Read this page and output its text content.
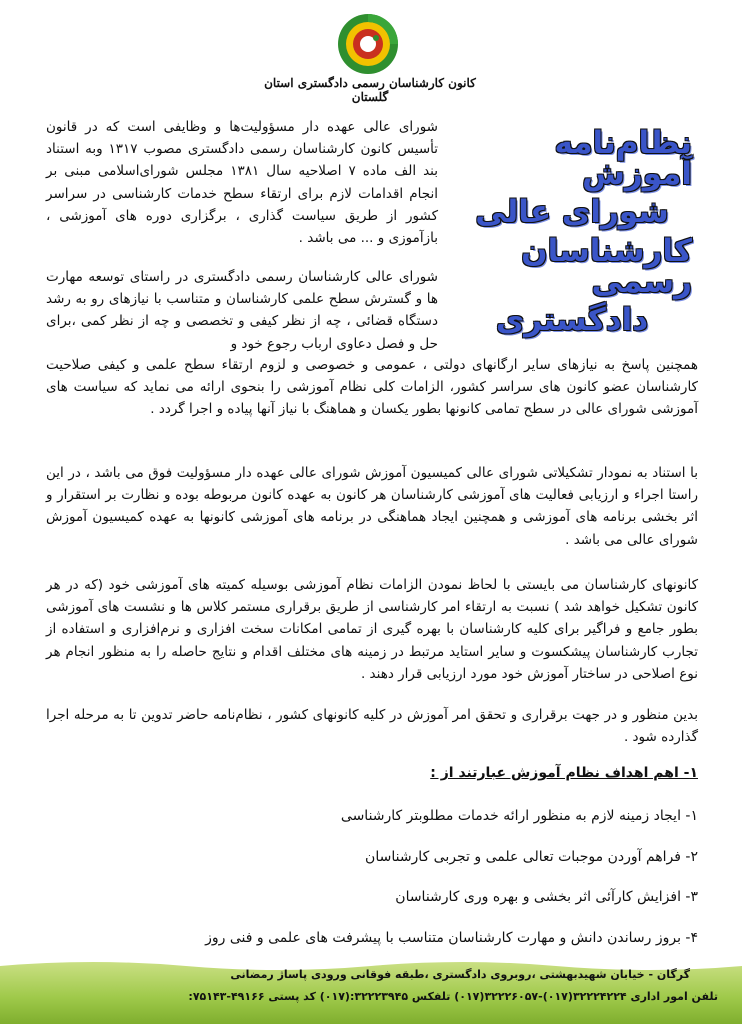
کانون کارشناسان رسمی دادگستری استان گلستان
نظام‌نامه آموزش
شورای عالی
کارشناسان رسمی
دادگستری

شورای عالی عهده دار مسؤولیت‌ها و وظایفی است که در قانون تأسیس کانون کارشناسان رسمی دادگستری مصوب ۱۳۱۷ وبه استناد بند الف ماده ۷ اصلاحیه سال ۱۳۸۱ مجلس شورای‌اسلامی مبنی بر انجام اقدامات لازم برای ارتقاء سطح خدمات کارشناسی در سراسر کشور از طریق سیاست گذاری ، برگزاری دوره های آموزشی ، بازآموزی و ... می باشد .

شورای عالی کارشناسان رسمی دادگستری در راستای توسعه مهارت ها و گسترش سطح علمی کارشناسان و متناسب با نیازهای رو به رشد دستگاه قضائی ، چه از نظر کیفی و تخصصی و چه از نظر کمی ،برای حل و فصل دعاوی ارباب رجوع خود و

همچنین پاسخ به نیازهای سایر ارگانهای دولتی ، عمومی و خصوصی و لزوم ارتقاء سطح علمی و کیفی صلاحیت کارشناسان عضو کانون های سراسر کشور، الزامات کلی نظام آموزشی را بنحوی ارائه می نماید که سیاست های آموزشی شورای عالی در سطح تمامی کانونها بطور یکسان و هماهنگ با نیاز آنها پیاده و اجرا گردد .

با استناد به نمودار تشکیلاتی شورای عالی کمیسیون آموزش شورای عالی عهده دار مسؤولیت فوق می باشد ، در این راستا اجراء و ارزیابی فعالیت های آموزشی کارشناسان هر کانون به عهده کانون مربوطه بوده و نظارت بر استقرار و اثر بخشی برنامه های آموزشی و همچنین ایجاد هماهنگی در برنامه های آموزشی کانونها به عهده کمیسیون آموزش شورای عالی می باشد .

کانونهای کارشناسان می بایستی با لحاظ نمودن الزامات نظام آموزشی بوسیله کمیته های آموزشی خود (که در هر کانون تشکیل خواهد شد ) نسبت به ارتقاء امر کارشناسی از طریق برقراری مستمر کلاس ها و نشست های آموزشی بطور جامع و فراگیر برای کلیه کارشناسان با بهره گیری از تمامی امکانات سخت افزاری و نرم‌افزاری و استفاده از تجارب کارشناسان پیشکسوت و سایر استاید مرتبط در زمینه های مختلف اقدام و نتایج حاصله را به منظور انجام هر نوع اصلاحی در ساختار آموزش خود مورد ارزیابی قرار دهند .

بدین منظور و در جهت برقراری و تحقق امر آموزش در کلیه کانونهای کشور ، نظام‌نامه حاضر تدوین تا به مرحله اجرا گذارده شود .

۱- اهم اهداف نظام آموزش عبارتند از :
۱- ایجاد زمینه لازم به منظور ارائه خدمات مطلوبتر کارشناسی
۲- فراهم آوردن موجبات تعالی علمی و تجربی کارشناسان
۳- افزایش کارآئی اثر بخشی و بهره وری کارشناسان
۴- بروز رساندن دانش و مهارت کارشناسان متناسب با پیشرفت های علمی و فنی روز
گرگان - خیابان شهیدبهشتی ،روبروی دادگستری ،طبقه فوقانی ورودی پاساژ رمضانی
تلفن امور اداری ۳۲۲۲۴۲۲۴(۰۱۷)-۳۲۲۲۶۰۵۷(۰۱۷) تلفکس ۳۲۲۲۳۹۴۵:(۰۱۷) کد پستی ۴۹۱۶۶-۷۵۱۴۳:
